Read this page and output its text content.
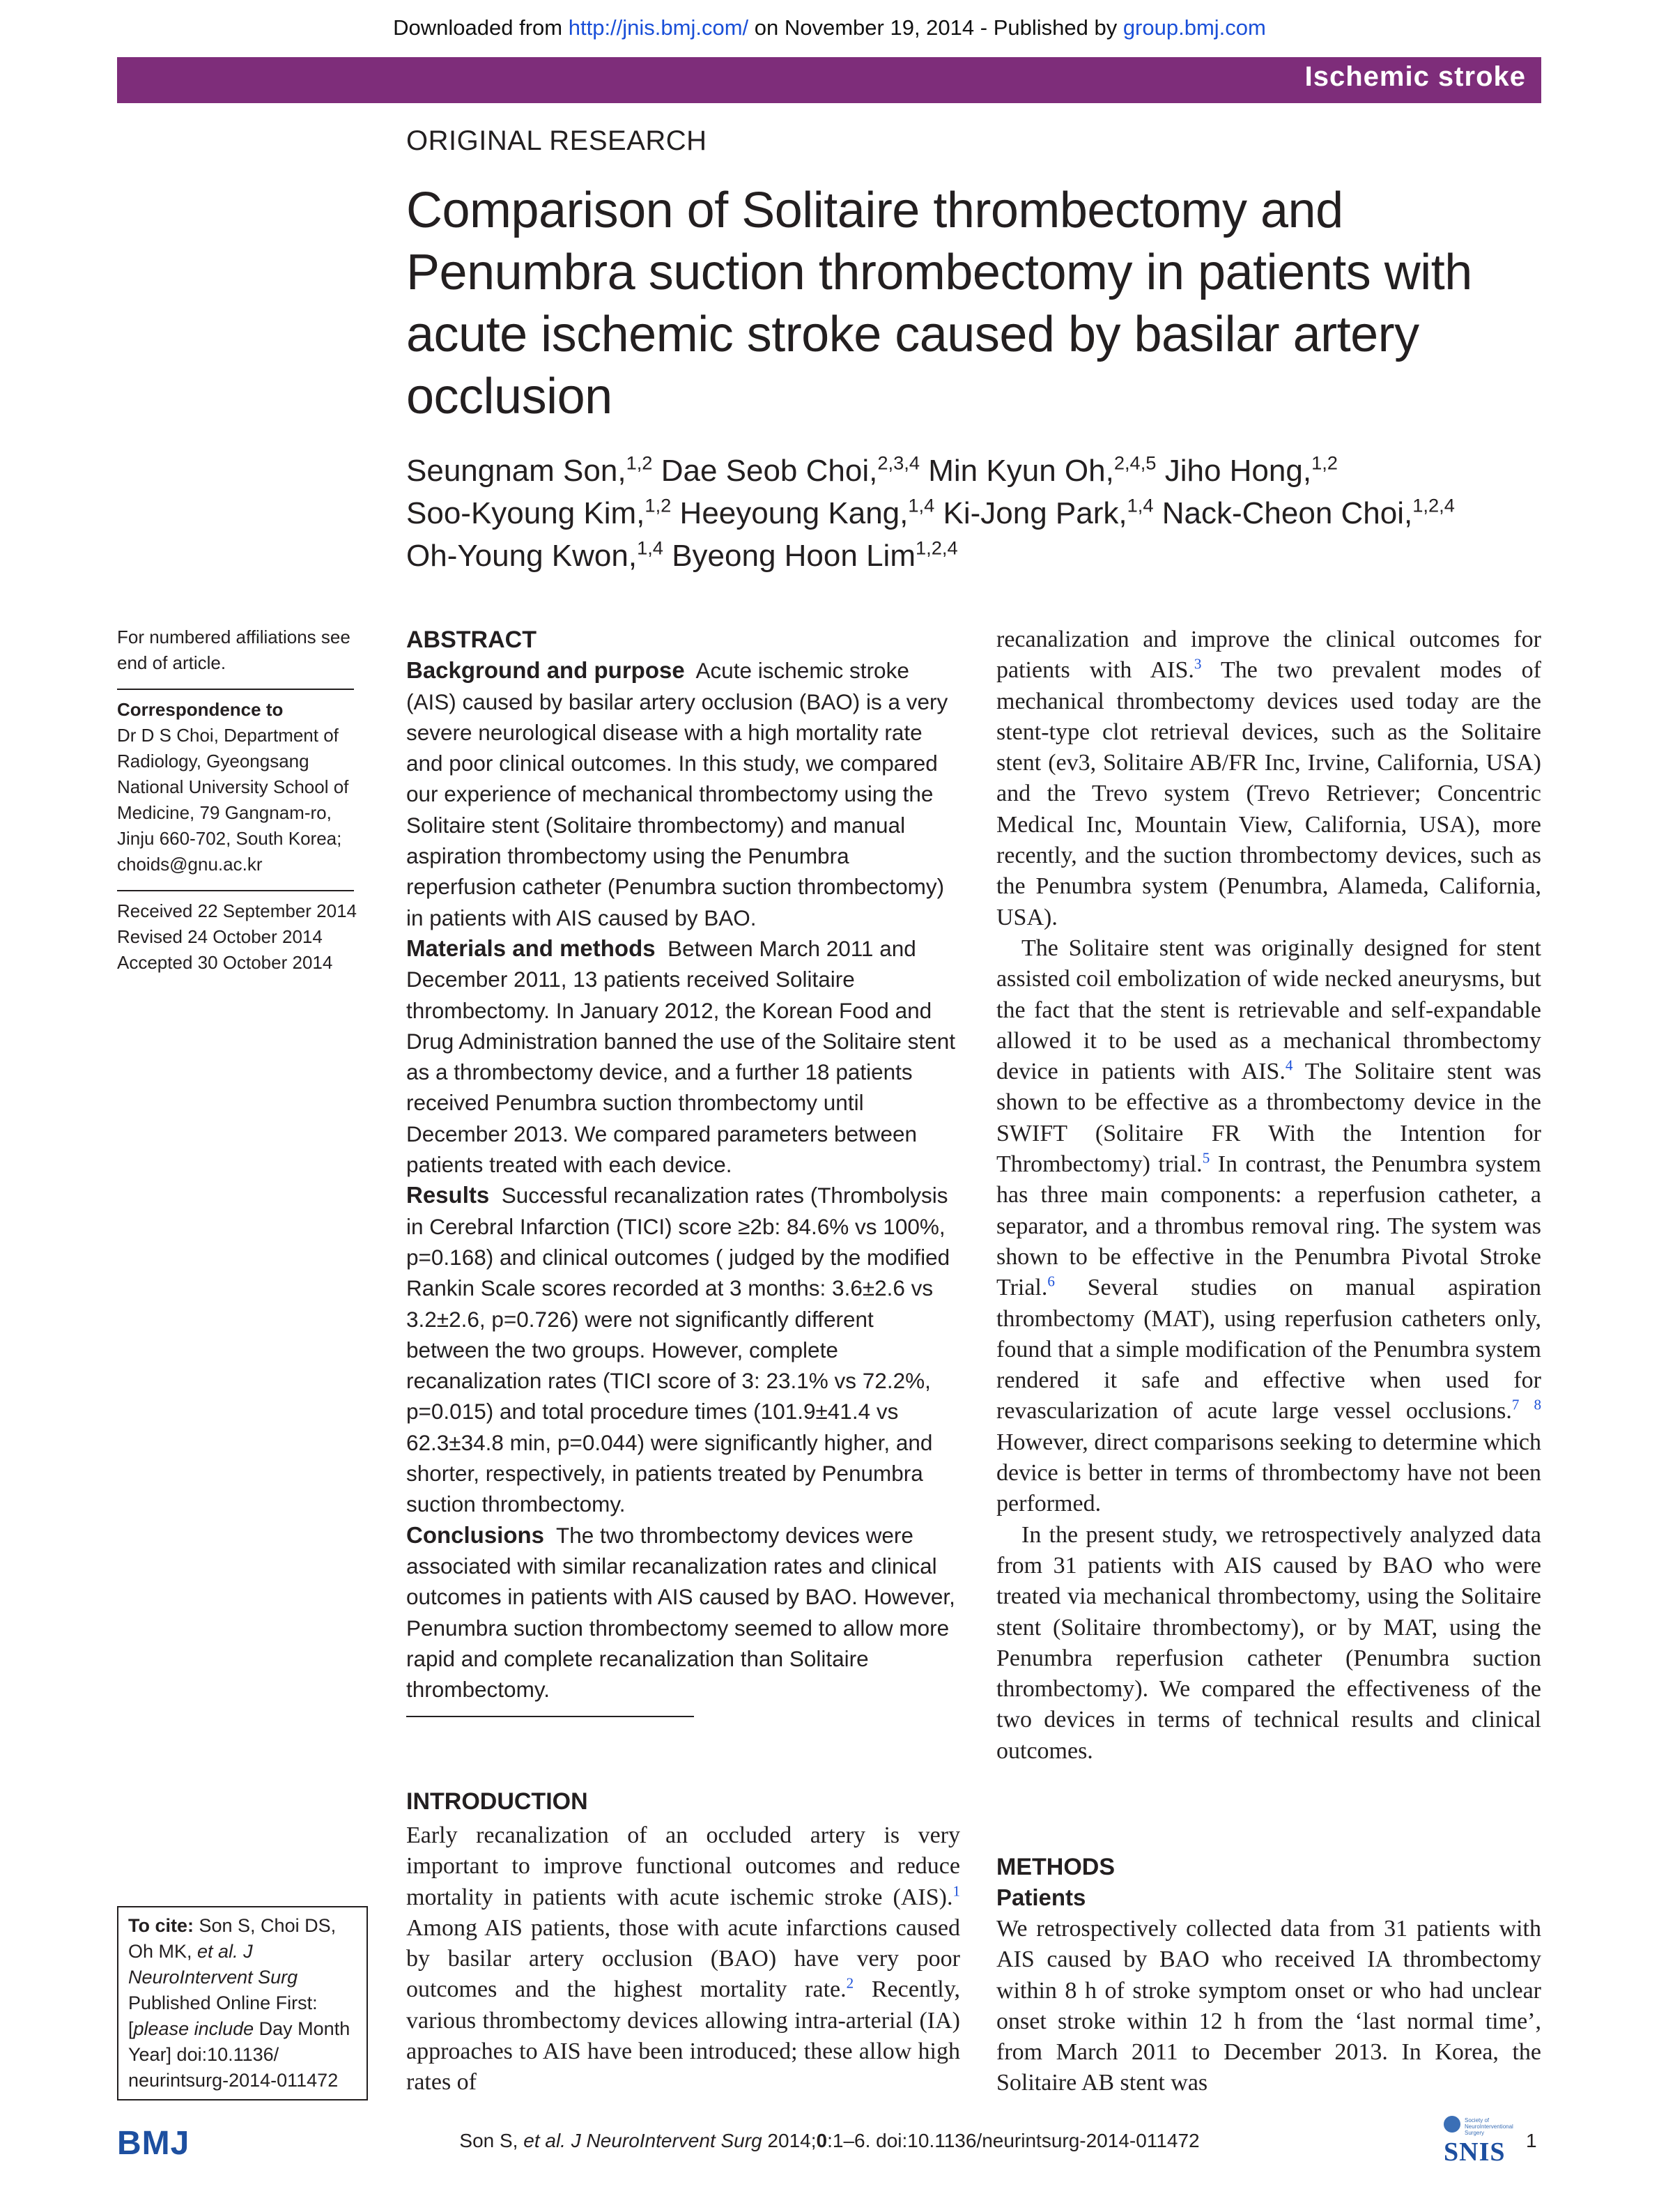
Downloaded from http://jnis.bmj.com/ on November 19, 2014 - Published by group.bmj.com
Ischemic stroke
ORIGINAL RESEARCH
Comparison of Solitaire thrombectomy and Penumbra suction thrombectomy in patients with acute ischemic stroke caused by basilar artery occlusion
Seungnam Son,$^{1,2}$ Dae Seob Choi,$^{2,3,4}$ Min Kyun Oh,$^{2,4,5}$ Jiho Hong,$^{1,2}$
Soo-Kyoung Kim,$^{1,2}$ Heeyoung Kang,$^{1,4}$ Ki-Jong Park,$^{1,4}$ Nack-Cheon Choi,$^{1,2,4}$
Oh-Young Kwon,$^{1,4}$ Byeong Hoon Lim$^{1,2,4}$
For numbered affiliations see end of article.
Correspondence to
Dr D S Choi, Department of
Radiology, Gyeongsang
National University School of
Medicine, 79 Gangnam-ro,
Jinju 660-702, South Korea;
choids@gnu.ac.kr
Received 22 September 2014
Revised 24 October 2014
Accepted 30 October 2014
To cite: Son S, Choi DS, Oh MK, et al. J NeuroIntervent Surg Published Online First: [please include Day Month Year] doi:10.1136/ neurintsurg-2014-011472
ABSTRACT

Background and purpose Acute ischemic stroke (AIS) caused by basilar artery occlusion (BAO) is a very severe neurological disease with a high mortality rate and poor clinical outcomes. In this study, we compared our experience of mechanical thrombectomy using the Solitaire stent (Solitaire thrombectomy) and manual aspiration thrombectomy using the Penumbra reperfusion catheter (Penumbra suction thrombectomy) in patients with AIS caused by BAO.

Materials and methods Between March 2011 and December 2011, 13 patients received Solitaire thrombectomy. In January 2012, the Korean Food and Drug Administration banned the use of the Solitaire stent as a thrombectomy device, and a further 18 patients received Penumbra suction thrombectomy until December 2013. We compared parameters between patients treated with each device.

Results Successful recanalization rates (Thrombolysis in Cerebral Infarction (TICI) score ≥2b: 84.6% vs 100%, p=0.168) and clinical outcomes ( judged by the modified Rankin Scale scores recorded at 3 months: 3.6±2.6 vs 3.2±2.6, p=0.726) were not significantly different between the two groups. However, complete recanalization rates (TICI score of 3: 23.1% vs 72.2%, p=0.015) and total procedure times (101.9±41.4 vs 62.3±34.8 min, p=0.044) were significantly higher, and shorter, respectively, in patients treated by Penumbra suction thrombectomy.

Conclusions The two thrombectomy devices were associated with similar recanalization rates and clinical outcomes in patients with AIS caused by BAO. However, Penumbra suction thrombectomy seemed to allow more rapid and complete recanalization than Solitaire thrombectomy.

INTRODUCTION

Early recanalization of an occluded artery is very important to improve functional outcomes and reduce mortality in patients with acute ischemic stroke (AIS).$^1$ Among AIS patients, those with acute infarctions caused by basilar artery occlusion (BAO) have very poor outcomes and the highest mortality rate.$^2$ Recently, various thrombectomy devices allowing intra-arterial (IA) approaches to AIS have been introduced; these allow high rates of

recanalization and improve the clinical outcomes for patients with AIS.$^3$ The two prevalent modes of mechanical thrombectomy devices used today are the stent-type clot retrieval devices, such as the Solitaire stent (ev3, Solitaire AB/FR Inc, Irvine, California, USA) and the Trevo system (Trevo Retriever; Concentric Medical Inc, Mountain View, California, USA), more recently, and the suction thrombectomy devices, such as the Penumbra system (Penumbra, Alameda, California, USA).

The Solitaire stent was originally designed for stent assisted coil embolization of wide necked aneurysms, but the fact that the stent is retrievable and self-expandable allowed it to be used as a mechanical thrombectomy device in patients with AIS.$^4$ The Solitaire stent was shown to be effective as a thrombectomy device in the SWIFT (Solitaire FR With the Intention for Thrombectomy) trial.$^5$ In contrast, the Penumbra system has three main components: a reperfusion catheter, a separator, and a thrombus removal ring. The system was shown to be effective in the Penumbra Pivotal Stroke Trial.$^6$ Several studies on manual aspiration thrombectomy (MAT), using reperfusion catheters only, found that a simple modification of the Penumbra system rendered it safe and effective when used for revascularization of acute large vessel occlusions.$^7$ $^8$ However, direct comparisons seeking to determine which device is better in terms of thrombectomy have not been performed.

In the present study, we retrospectively analyzed data from 31 patients with AIS caused by BAO who were treated via mechanical thrombectomy, using the Solitaire stent (Solitaire thrombectomy), or by MAT, using the Penumbra reperfusion catheter (Penumbra suction thrombectomy). We compared the effectiveness of the two devices in terms of technical results and clinical outcomes.

METHODS
Patients

We retrospectively collected data from 31 patients with AIS caused by BAO who received IA thrombectomy within 8 h of stroke symptom onset or who had unclear onset stroke within 12 h from the ‘last normal time’, from March 2011 to December 2013. In Korea, the Solitaire AB stent was

BMJ	Son S, et al. J NeuroIntervent Surg 2014;0:1–6. doi:10.1136/neurintsurg-2014-011472
Society of NeuroInterventional Surgery
SNIS 1
